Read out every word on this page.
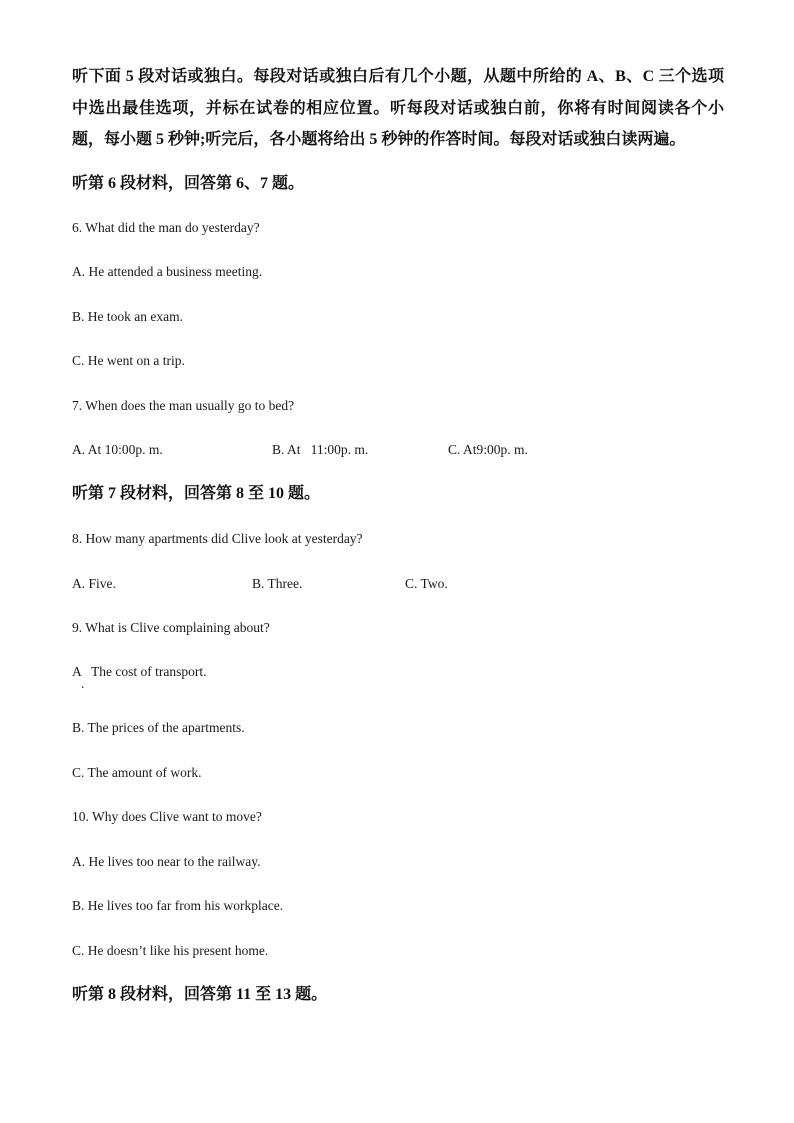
听下面 5 段对话或独白。每段对话或独白后有几个小题，从题中所给的 A、B、C 三个选项
中选出最佳选项，并标在试卷的相应位置。听每段对话或独白前，你将有时间阅读各个小
题，每小题 5 秒钟;听完后，各小题将给出 5 秒钟的作答时间。每段对话或独白读两遍。
听第 6 段材料，回答第 6、7 题。
6. What did the man do yesterday?
A. He attended a business meeting.
B. He took an exam.
C. He went on a trip.
7. When does the man usually go to bed?
A. At 10:00p. m.	B. At   11:00p. m.	C. At9:00p. m.
听第 7 段材料，回答第 8 至 10 题。
8. How many apartments did Clive look at yesterday?
A. Five.	B. Three.	C. Two.
9. What is Clive complaining about?
A
.
The cost of transport.
B. The prices of the apartments.
C. The amount of work.
10. Why does Clive want to move?
A. He lives too near to the railway.
B. He lives too far from his workplace.
C. He doesn’t like his present home.
听第 8 段材料，回答第 11 至 13 题。
